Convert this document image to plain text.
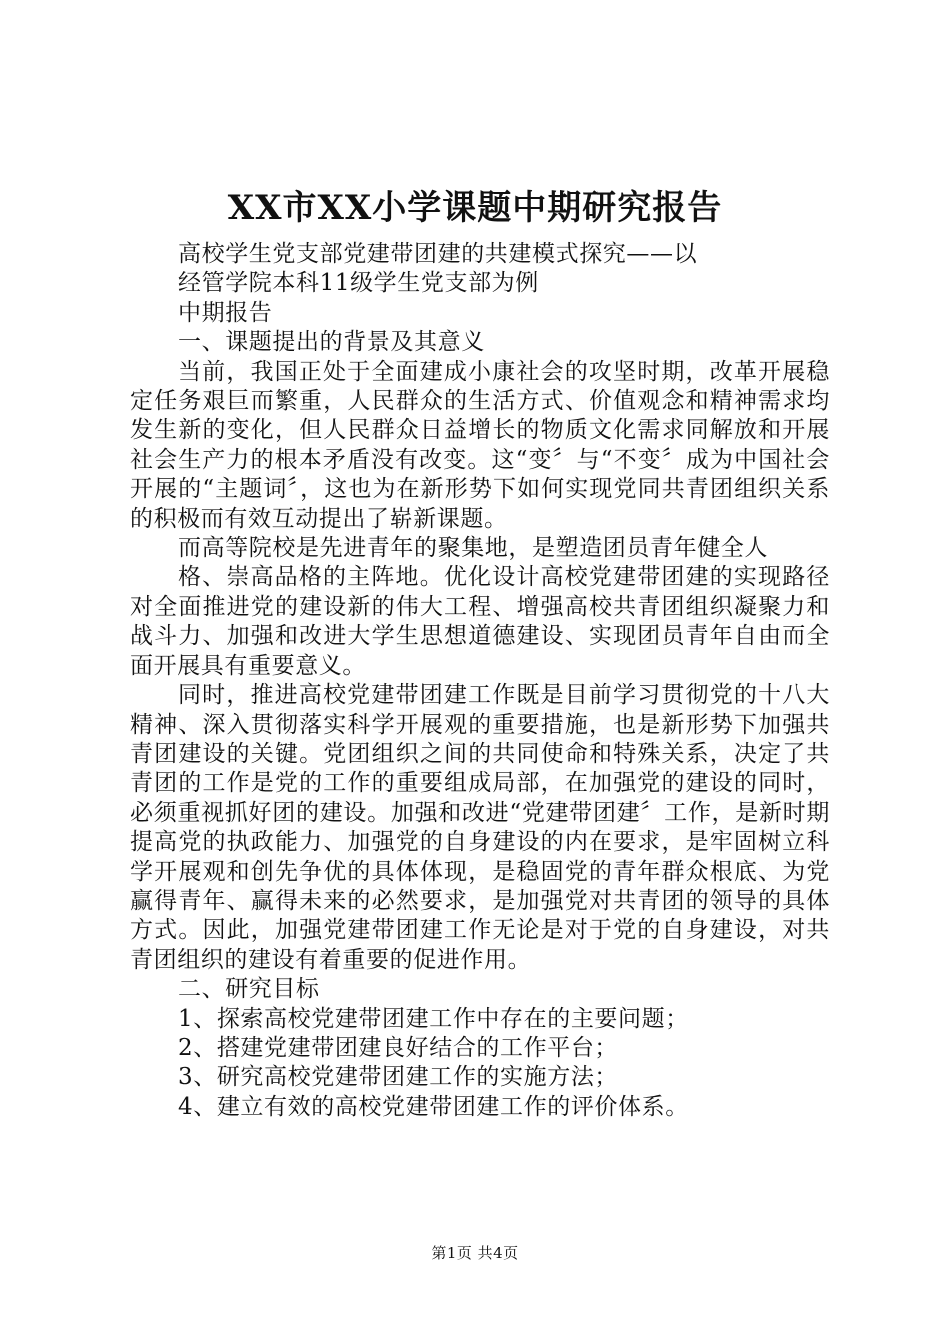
XX市XX小学课题中期研究报告

高校学生党支部党建带团建的共建模式探究——以

经管学院本科11级学生党支部为例

中期报告

一、课题提出的背景及其意义

当前，我国正处于全面建成小康社会的攻坚时期，改革开展稳定任务艰巨而繁重，人民群众的生活方式、价值观念和精神需求均发生新的变化，但人民群众日益增长的物质文化需求同解放和开展社会生产力的根本矛盾没有改变。这“变〞与“不变〞成为中国社会开展的“主题词〞，这也为在新形势下如何实现党同共青团组织关系的积极而有效互动提出了崭新课题。

而高等院校是先进青年的聚集地，是塑造团员青年健全人

格、崇高品格的主阵地。优化设计高校党建带团建的实现路径对全面推进党的建设新的伟大工程、增强高校共青团组织凝聚力和战斗力、加强和改进大学生思想道德建设、实现团员青年自由而全面开展具有重要意义。

同时，推进高校党建带团建工作既是目前学习贯彻党的十八大精神、深入贯彻落实科学开展观的重要措施，也是新形势下加强共青团建设的关键。党团组织之间的共同使命和特殊关系，决定了共青团的工作是党的工作的重要组成局部，在加强党的建设的同时，必须重视抓好团的建设。加强和改进“党建带团建〞工作，是新时期提高党的执政能力、加强党的自身建设的内在要求，是牢固树立科学开展观和创先争优的具体体现，是稳固党的青年群众根底、为党赢得青年、赢得未来的必然要求，是加强党对共青团的领导的具体方式。因此，加强党建带团建工作无论是对于党的自身建设，对共青团组织的建设有着重要的促进作用。

二、研究目标

1、探索高校党建带团建工作中存在的主要问题；

2、搭建党建带团建良好结合的工作平台；

3、研究高校党建带团建工作的实施方法；

4、建立有效的高校党建带团建工作的评价体系。

第1页 共4页
